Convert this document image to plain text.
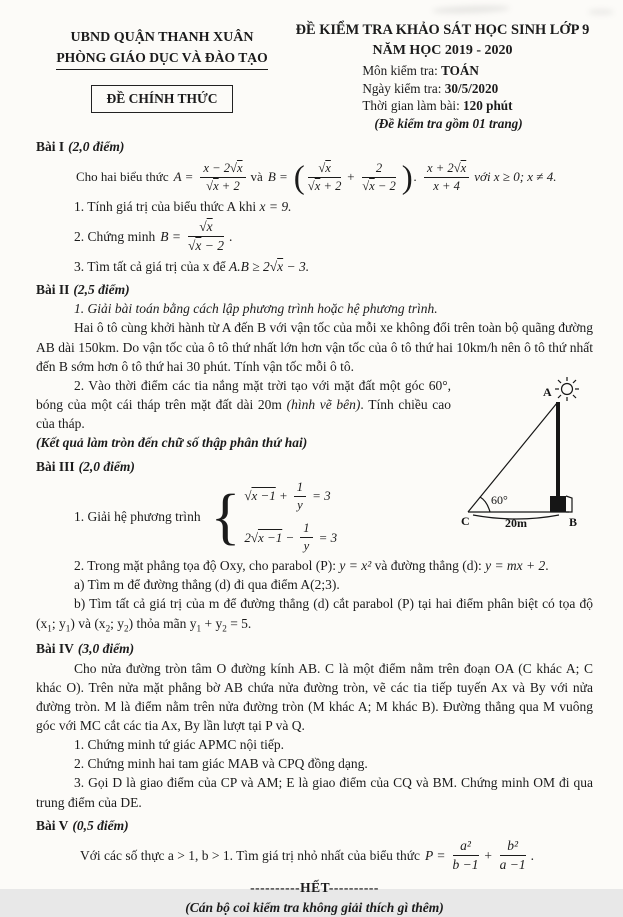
UBND QUẬN THANH XUÂN
PHÒNG GIÁO DỤC VÀ ĐÀO TẠO
ĐỀ CHÍNH THỨC
ĐỀ KIỂM TRA KHẢO SÁT HỌC SINH LỚP 9
NĂM HỌC 2019 - 2020
Môn kiểm tra: TOÁN
Ngày kiểm tra: 30/5/2020
Thời gian làm bài: 120 phút
(Đề kiểm tra gồm 01 trang)

Bài I (2,0 điểm)

Cho hai biểu thức $A = \frac{x - 2√x}{√x + 2}$ và B = ( $\frac{√x}{√x + 2} + \frac{2}{√x - 2}$ ) . $\frac{x + 2√x}{x + 4}$ với x ≥ 0; x ≠ 4.

1. Tính giá trị của biểu thức A khi x = 9.

2. Chứng minh $B = \frac{√x}{√x - 2}$ .

3. Tìm tất cả giá trị của x để A.B ≥ 2√x − 3.

Bài II (2,5 điểm)

1. Giải bài toán bằng cách lập phương trình hoặc hệ phương trình.

Hai ô tô cùng khởi hành từ A đến B với vận tốc của mỗi xe không đổi trên toàn bộ quãng đường AB dài 150km. Do vận tốc của ô tô thứ nhất lớn hơn vận tốc của ô tô thứ hai 10km/h nên ô tô thứ nhất đến B sớm hơn ô tô thứ hai 30 phút. Tính vận tốc mỗi ô tô.

A
C	B
60°
20m

2. Vào thời điểm các tia nắng mặt trời tạo với mặt đất một góc 60°, bóng của một cái tháp trên mặt đất dài 20m (hình vẽ bên). Tính chiều cao của tháp.

(Kết quả làm tròn đến chữ số thập phân thứ hai)

Bài III (2,0 điểm)

1. Giải hệ phương trình { $√x -1 + \frac{1}{y} = 3$
$2√x -1 - \frac{1}{y} = 3$

2. Trong mặt phẳng tọa độ Oxy, cho parabol (P): y = x² và đường thẳng (d): y = mx + 2.

a) Tìm m để đường thẳng (d) đi qua điểm A(2;3).

b) Tìm tất cả giá trị của m để đường thẳng (d) cắt parabol (P) tại hai điểm phân biệt có tọa độ ($x_1$; $y_1$) và ($x_2$; $y_2$) thỏa mãn $y_1 + y_2 = 5$.

Bài IV (3,0 điểm)

Cho nửa đường tròn tâm O đường kính AB. C là một điểm nằm trên đoạn OA (C khác A; C khác O). Trên nửa mặt phẳng bờ AB chứa nửa đường tròn, vẽ các tia tiếp tuyến Ax và By với nửa đường tròn. M là điểm nằm trên nửa đường tròn (M khác A; M khác B). Đường thẳng qua M vuông góc với MC cắt các tia Ax, By lần lượt tại P và Q.

1. Chứng minh tứ giác APMC nội tiếp.

2. Chứng minh hai tam giác MAB và CPQ đồng dạng.

3. Gọi D là giao điểm của CP và AM; E là giao điểm của CQ và BM. Chứng minh OM đi qua trung điểm của DE.

Bài V (0,5 điểm)

Với các số thực a > 1, b > 1. Tìm giá trị nhỏ nhất của biểu thức $P = \frac{\text{a²}}{b -1} + \frac{\text{b²}}{a -1}$ .

----------HẾT----------

(Cán bộ coi kiểm tra không giải thích gì thêm)
